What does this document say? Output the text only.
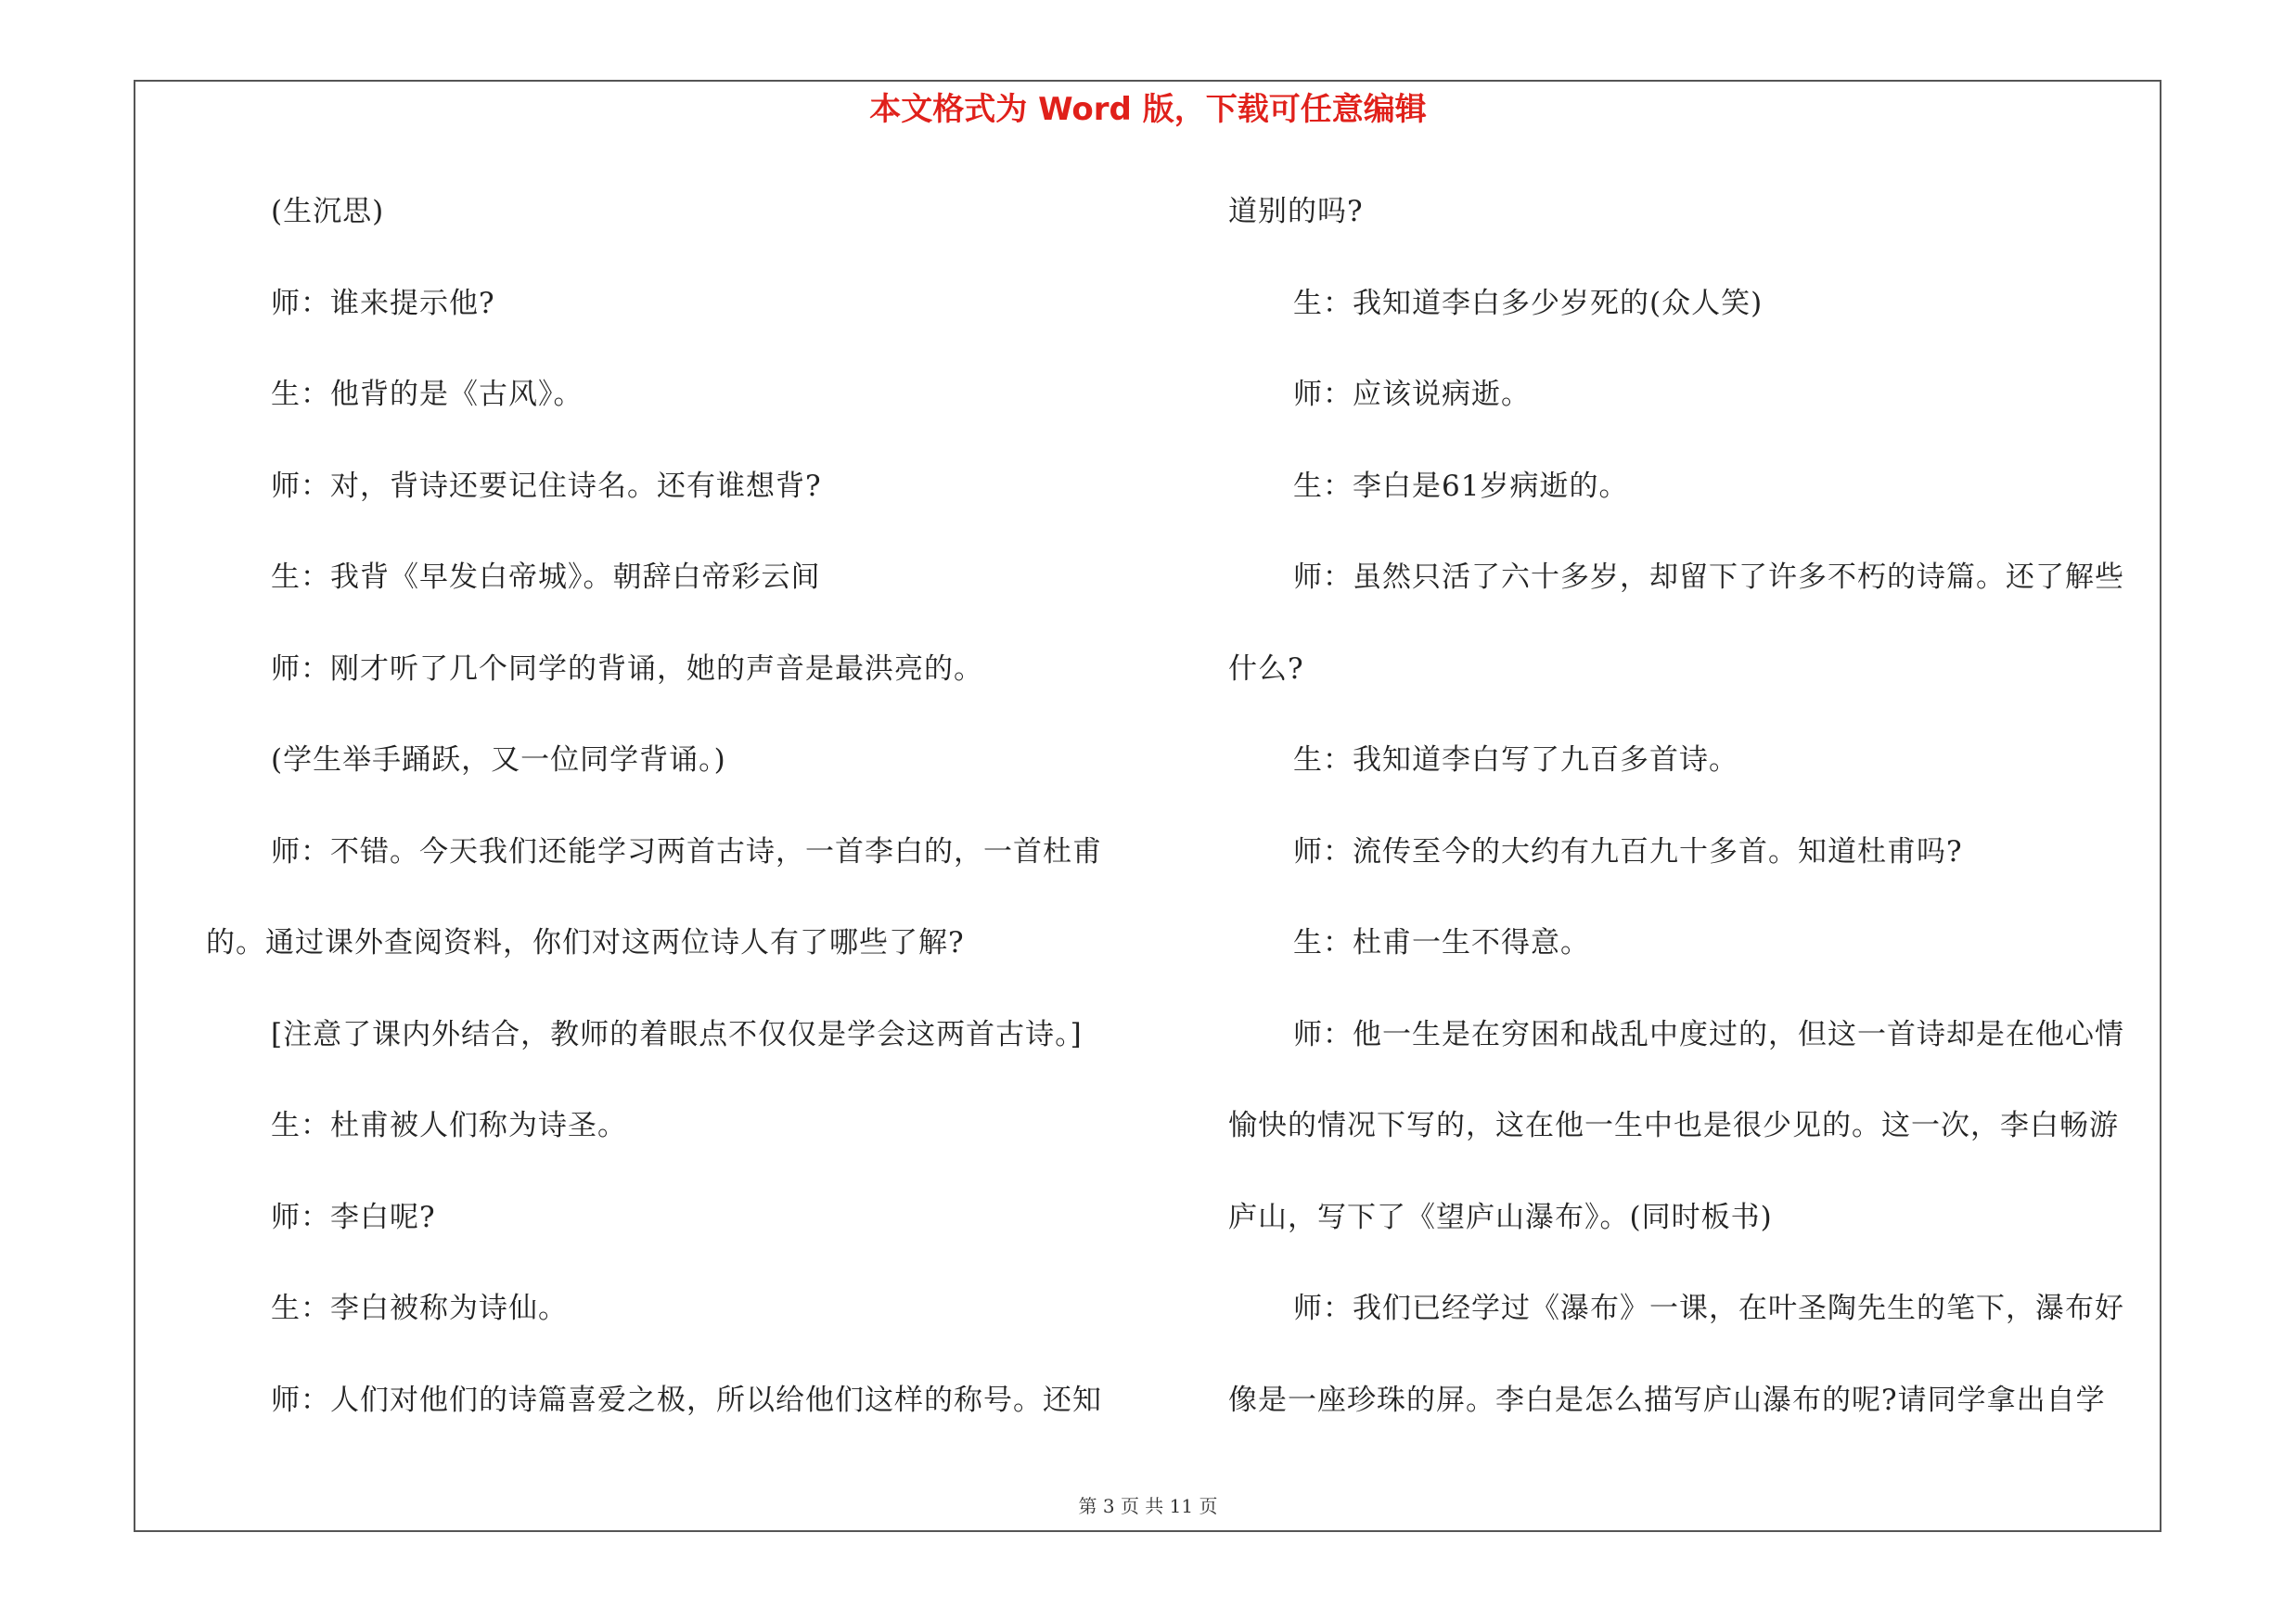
本文格式为 Word 版，下载可任意编辑
(生沉思)
师：谁来提示他?
生：他背的是《古风》。
师：对，背诗还要记住诗名。还有谁想背?
生：我背《早发白帝城》。朝辞白帝彩云间
师：刚才听了几个同学的背诵，她的声音是最洪亮的。
(学生举手踊跃，又一位同学背诵。)
师：不错。今天我们还能学习两首古诗，一首李白的，一首杜甫
的。通过课外查阅资料，你们对这两位诗人有了哪些了解?
[注意了课内外结合，教师的着眼点不仅仅是学会这两首古诗。]
生：杜甫被人们称为诗圣。
师：李白呢?
生：李白被称为诗仙。
师：人们对他们的诗篇喜爱之极，所以给他们这样的称号。还知
道别的吗?
生：我知道李白多少岁死的(众人笑)
师：应该说病逝。
生：李白是61岁病逝的。
师：虽然只活了六十多岁，却留下了许多不朽的诗篇。还了解些
什么?
生：我知道李白写了九百多首诗。
师：流传至今的大约有九百九十多首。知道杜甫吗?
生：杜甫一生不得意。
师：他一生是在穷困和战乱中度过的，但这一首诗却是在他心情
愉快的情况下写的，这在他一生中也是很少见的。这一次，李白畅游
庐山，写下了《望庐山瀑布》。(同时板书)
师：我们已经学过《瀑布》一课，在叶圣陶先生的笔下，瀑布好
像是一座珍珠的屏。李白是怎么描写庐山瀑布的呢?请同学拿出自学
第 3 页 共 11 页
